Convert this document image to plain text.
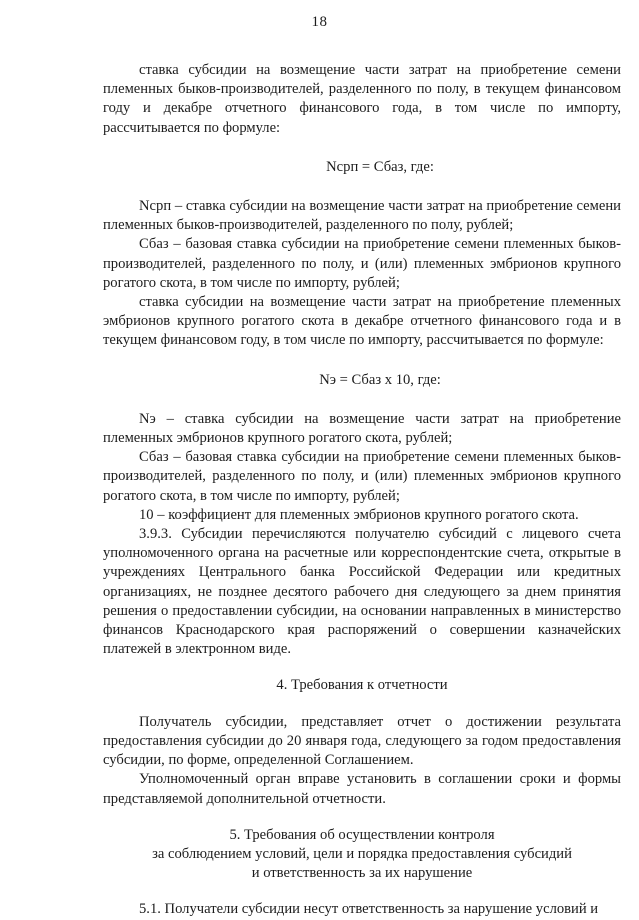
18

ставка субсидии на возмещение части затрат на приобретение семени племенных быков-производителей, разделенного по полу, в текущем финансовом году и декабре отчетного финансового года, в том числе по импорту, рассчитывается по формуле:

Nсрп = Сбаз, где:

Nсрп – ставка субсидии на возмещение части затрат на приобретение семени племенных быков-производителей, разделенного по полу, рублей;

Сбаз – базовая ставка субсидии на приобретение семени племенных быков-производителей, разделенного по полу, и (или) племенных эмбрионов крупного рогатого скота, в том числе по импорту, рублей;

ставка субсидии на возмещение части затрат на приобретение племенных эмбрионов крупного рогатого скота в декабре отчетного финансового года и в текущем финансовом году, в том числе по импорту, рассчитывается по формуле:

Nэ = Сбаз х 10, где:

Nэ – ставка субсидии на возмещение части затрат на приобретение племенных эмбрионов крупного рогатого скота, рублей;

Сбаз – базовая ставка субсидии на приобретение семени племенных быков-производителей, разделенного по полу, и (или) племенных эмбрионов крупного рогатого скота, в том числе по импорту, рублей;

10 – коэффициент для племенных эмбрионов крупного рогатого скота.

3.9.3. Субсидии перечисляются получателю субсидий с лицевого счета уполномоченного органа на расчетные или корреспондентские счета, открытые в учреждениях Центрального банка Российской Федерации или кредитных организациях, не позднее десятого рабочего дня следующего за днем принятия решения о предоставлении субсидии, на основании направленных в министерство финансов Краснодарского края распоряжений о совершении казначейских платежей в электронном виде.

4. Требования к отчетности

Получатель субсидии, представляет отчет о достижении результата предоставления субсидии до 20 января года, следующего за годом предоставления субсидии, по форме, определенной Соглашением.

Уполномоченный орган вправе установить в соглашении сроки и формы представляемой дополнительной отчетности.

5. Требования об осуществлении контроля

за соблюдением условий, цели и порядка предоставления субсидий

и ответственность за их нарушение

5.1. Получатели субсидии несут ответственность за нарушение условий и
